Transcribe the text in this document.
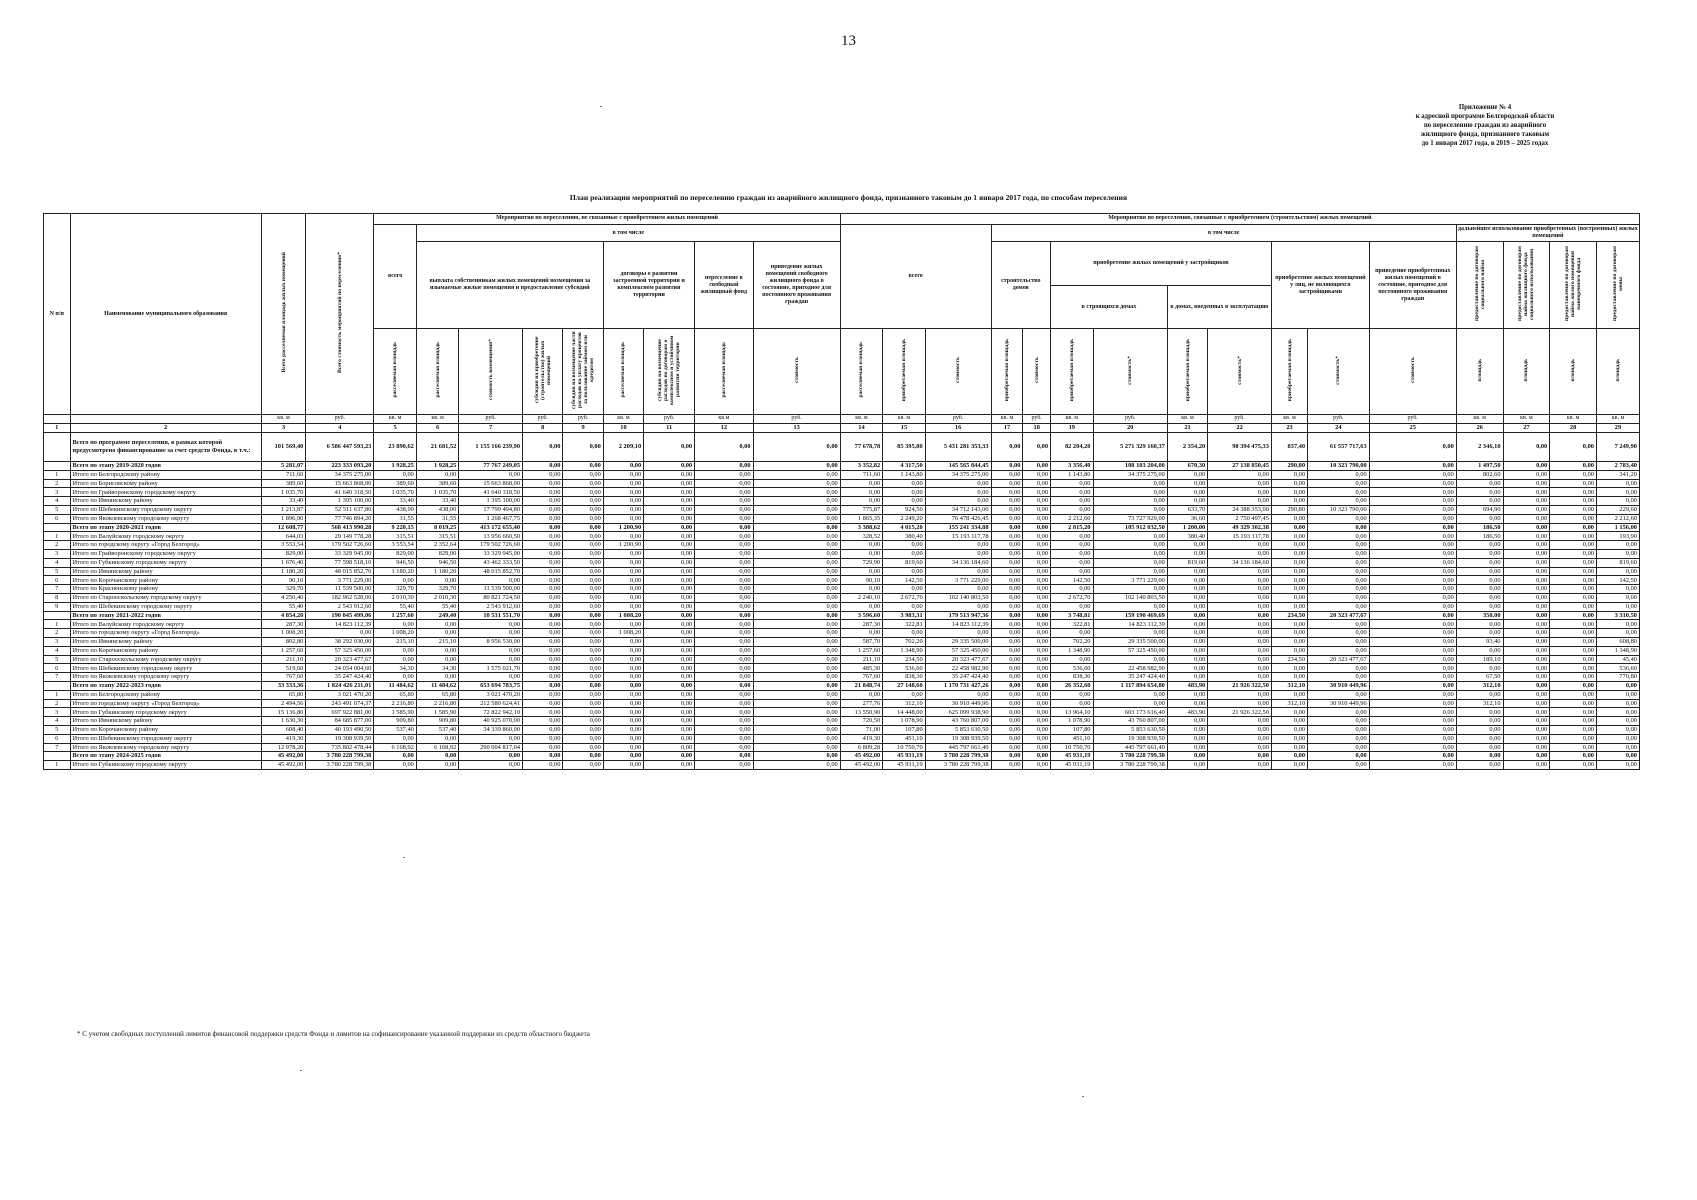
13
Приложение № 4
к адресной программе Белгородской области
по переселению граждан из аварийного
жилищного фонда, признанного таковым
до 1 января 2017 года, в 2019 – 2025 годах
План реализации мероприятий по переселению граждан из аварийного жилищного фонда, признанного таковым до 1 января 2017 года, по способам переселения
N п/п	Наименование муниципального образования	Всего расселяемая площадь жилых помещений	Всего стоимость мероприятий по переселению*	Мероприятия по переселению, не связанные с приобретением жилых помещений									Мероприятия по переселению, связанные с приобретением (строительством) жилых помещений															
				всего	в том числе								всего			в том числе									дальнейшее использование приобретенных (построенных) жилых помещений			
					выплата собственникам жилых помещений возмещения за изымаемые жилые помещения и предоставление субсидий				договоры о развитии застроенной территории и комплексном развитии территории		переселение в свободный жилищный фонд	приведение жилых помещений свободного жилищного фонда в состояние, пригодное для постоянного проживания граждан				строительство домов		приобретение жилых помещений у застройщиков				приобретение жилых помещений у лиц, не являющихся застройщиками		приведение приобретенных жилых помещений в состояние, пригодное для постоянного проживания граждан	предоставление по договорам социального найма	предоставление по договорам найма жилищного фонда социального использования	предоставление по договорам найма жилого помещения маневренного фонда	предоставление по договорам мены
																		в строящихся домах		в домах, введенных в эксплуатацию								
				расселяемая площадь	расселяемая площадь	стоимость возмещения*	субсидия на приобретение (строительство) жилых помещений	субсидия на возмещение части расходов на уплату процентов за пользование займом или кредитом	расселяемая площадь	субсидия на возмещение расходов по договорам о комплексном и устойчивом развитии территории	расселяемая площадь	стоимость	расселяемая площадь	приобретаемая площадь	стоимость	приобретаемая площадь	стоимость	приобретаемая площадь	стоимость*	приобретаемая площадь	стоимость*	приобретаемая площадь	стоимость*	стоимость	площадь	площадь	площадь	площадь
		кв. м	руб.	кв. м	кв. м	руб.	руб.	руб.	кв. м	руб.	кв.м	руб.	кв. м	кв. м	руб.	кв. м	руб.	кв. м	руб.	кв. м	руб.	кв. м	руб.	руб.	кв. м	кв. м	кв. м	кв. м
1	2	3	4	5	6	7	8	9	10	11	12	13	14	15	16	17	18	19	20	21	22	23	24	25	26	27	28	29
	Всего по программе переселения, в рамках которой предусмотрено финансирование за счет средств Фонда, в т.ч.:	101 569,40	6 586 447 593,23	23 890,62	21 681,52	1 155 166 239,90	0,00	0,00	2 209,10	0,00	0,00	0,00	77 678,78	85 395,80	5 431 281 353,33	0,00	0,00	82 204,20	5 271 329 160,37	2 354,20	98 394 475,33	837,40	61 557 717,63	0,00	2 346,10	0,00	0,00	7 249,90
	Всего по этапу 2019-2020 годов	5 281,07	223 333 093,20	1 928,25	1 928,25	77 767 249,05	0,00	0,00	0,00	0,00	0,00	0,00	3 352,82	4 317,50	145 565 844,45	0,00	0,00	3 356,40	108 103 204,00	670,30	27 138 850,45	290,80	10 323 790,00	0,00	1 497,50	0,00	0,00	2 783,40
1	Итого по Белгородскому району	711,60	34 375 275,00	0,00	0,00	0,00	0,00	0,00	0,00	0,00	0,00	0,00	711,60	1 143,80	34 375 275,00	0,00	0,00	1 143,80	34 375 275,00	0,00	0,00	0,00	0,00	0,00	802,60	0,00	0,00	341,20
2	Итого по Борисовскому району	389,60	15 663 868,00	389,60	389,60	15 663 868,00	0,00	0,00	0,00	0,00	0,00	0,00	0,00	0,00	0,00	0,00	0,00	0,00	0,00	0,00	0,00	0,00	0,00	0,00	0,00	0,00	0,00	0,00
3	Итого по Грайворонскому городскому округу	1 035,70	41 640 318,50	1 035,70	1 035,70	41 640 318,50	0,00	0,00	0,00	0,00	0,00	0,00	0,00	0,00	0,00	0,00	0,00	0,00	0,00	0,00	0,00	0,00	0,00	0,00	0,00	0,00	0,00	0,00
4	Итого по Ивнянскому району	33,40	1 395 100,00	33,40	33,40	1 395 100,00	0,00	0,00	0,00	0,00	0,00	0,00	0,00	0,00	0,00	0,00	0,00	0,00	0,00	0,00	0,00	0,00	0,00	0,00	0,00	0,00	0,00	0,00
5	Итого по Шебекинскому городскому округу	1 213,87	52 511 637,80	438,00	438,00	17 799 494,80	0,00	0,00	0,00	0,00	0,00	0,00	775,87	924,50	34 712 143,00	0,00	0,00	0,00	0,00	633,70	24 388 353,00	290,80	10 323 790,00	0,00	694,90	0,00	0,00	229,60
6	Итого по Яковлевскому городскому округу	1 896,90	77 746 894,20	31,55	31,55	1 268 467,75	0,00	0,00	0,00	0,00	0,00	0,00	1 865,35	2 249,20	76 478 426,45	0,00	0,00	2 212,60	73 727 929,00	36,60	2 750 497,45	0,00	0,00	0,00	0,00	0,00	0,00	2 212,60
	Всего по этапу 2020-2021 годов	12 608,77	568 413 990,28	9 220,15	8 019,25	413 172 655,40	0,00	0,00	1 200,90	0,00	0,00	0,00	3 388,62	4 015,20	155 241 334,88	0,00	0,00	2 815,20	105 912 032,50	1 200,00	49 329 302,38	0,00	0,00	0,00	186,50	0,00	0,00	1 156,00
1	Итого по Валуйскому городскому округу	644,03	29 149 778,28	315,51	315,51	13 956 660,50	0,00	0,00	0,00	0,00	0,00	0,00	328,52	380,40	15 193 117,78	0,00	0,00	0,00	0,00	380,40	15 193 117,78	0,00	0,00	0,00	186,50	0,00	0,00	193,90
2	Итого по городскому округу «Город Белгород»	3 553,54	179 502 726,60	3 553,54	2 352,64	179 502 726,60	0,00	0,00	1 200,90	0,00	0,00	0,00	0,00	0,00	0,00	0,00	0,00	0,00	0,00	0,00	0,00	0,00	0,00	0,00	0,00	0,00	0,00	0,00
3	Итого по Грайворонскому городскому округу	829,00	33 329 945,00	829,00	829,00	33 329 945,00	0,00	0,00	0,00	0,00	0,00	0,00	0,00	0,00	0,00	0,00	0,00	0,00	0,00	0,00	0,00	0,00	0,00	0,00	0,00	0,00	0,00	0,00
4	Итого по Губкинскому городскому округу	1 676,40	77 598 518,10	946,50	946,50	43 462 333,50	0,00	0,00	0,00	0,00	0,00	0,00	729,90	819,60	34 136 184,60	0,00	0,00	0,00	0,00	819,60	34 136 184,60	0,00	0,00	0,00	0,00	0,00	0,00	819,60
5	Итого по Ивнянскому району	1 180,20	48 015 852,70	1 180,20	1 180,20	48 015 852,70	0,00	0,00	0,00	0,00	0,00	0,00	0,00	0,00	0,00	0,00	0,00	0,00	0,00	0,00	0,00	0,00	0,00	0,00	0,00	0,00	0,00	0,00
6	Итого по Корочанскому району	90,10	3 771 229,00	0,00	0,00	0,00	0,00	0,00	0,00	0,00	0,00	0,00	90,10	142,50	3 771 229,00	0,00	0,00	142,50	3 771 229,00	0,00	0,00	0,00	0,00	0,00	0,00	0,00	0,00	142,50
7	Итого по Красненскому району	329,70	11 539 500,00	329,70	329,70	11 539 500,00	0,00	0,00	0,00	0,00	0,00	0,00	0,00	0,00	0,00	0,00	0,00	0,00	0,00	0,00	0,00	0,00	0,00	0,00	0,00	0,00	0,00	0,00
8	Итого по Старооскольскому городскому округу	4 250,40	182 962 528,00	2 010,30	2 010,30	80 821 724,50	0,00	0,00	0,00	0,00	0,00	0,00	2 240,10	2 672,70	102 140 803,50	0,00	0,00	2 672,70	102 140 803,50	0,00	0,00	0,00	0,00	0,00	0,00	0,00	0,00	0,00
9	Итого по Шебекинскому городскому округу	55,40	2 543 912,60	55,40	55,40	2 543 912,60	0,00	0,00	0,00	0,00	0,00	0,00	0,00	0,00	0,00	0,00	0,00	0,00	0,00	0,00	0,00	0,00	0,00	0,00	0,00	0,00	0,00	0,00
	Всего по этапу 2021-2022 годов	4 854,20	190 045 499,06	1 257,60	249,40	10 531 551,70	0,00	0,00	1 008,20	0,00	0,00	0,00	3 596,60	3 983,31	179 513 947,36	0,00	0,00	3 748,81	159 190 469,69	0,00	0,00	234,50	20 323 477,67	0,00	350,00	0,00	0,00	3 310,50
1	Итого по Валуйскому городскому округу	287,30	14 823 112,39	0,00	0,00	0,00	0,00	0,00	0,00	0,00	0,00	0,00	287,30	322,81	14 823 112,39	0,00	0,00	322,81	14 823 112,39	0,00	0,00	0,00	0,00	0,00	0,00	0,00	0,00	0,00
2	Итого по городскому округу «Город Белгород»	1 008,20	0,00	1 008,20	0,00	0,00	0,00	0,00	1 008,20	0,00	0,00	0,00	0,00	0,00	0,00	0,00	0,00	0,00	0,00	0,00	0,00	0,00	0,00	0,00	0,00	0,00	0,00	0,00
3	Итого по Ивнянскому району	802,80	38 292 030,00	215,10	215,10	8 956 530,00	0,00	0,00	0,00	0,00	0,00	0,00	587,70	702,20	29 335 500,00	0,00	0,00	702,20	29 335 500,00	0,00	0,00	0,00	0,00	0,00	93,40	0,00	0,00	608,80
4	Итого по Корочанскому району	1 257,60	57 325 450,00	0,00	0,00	0,00	0,00	0,00	0,00	0,00	0,00	0,00	1 257,60	1 348,90	57 325 450,00	0,00	0,00	1 348,90	57 325 450,00	0,00	0,00	0,00	0,00	0,00	0,00	0,00	0,00	1 348,90
5	Итого по Старооскольскому городскому округу	211,10	20 323 477,67	0,00	0,00	0,00	0,00	0,00	0,00	0,00	0,00	0,00	211,10	234,50	20 323 477,67	0,00	0,00	0,00	0,00	0,00	0,00	234,50	20 323 477,67	0,00	189,10	0,00	0,00	45,40
6	Итого по Шебекинскому городскому округу	519,60	24 034 004,60	34,30	34,30	1 575 021,70	0,00	0,00	0,00	0,00	0,00	0,00	485,30	536,60	22 458 982,90	0,00	0,00	536,60	22 458 982,90	0,00	0,00	0,00	0,00	0,00	0,00	0,00	0,00	536,60
7	Итого по Яковлевскому городскому округу	767,60	35 247 424,40	0,00	0,00	0,00	0,00	0,00	0,00	0,00	0,00	0,00	767,60	838,30	35 247 424,40	0,00	0,00	838,30	35 247 424,40	0,00	0,00	0,00	0,00	0,00	67,50	0,00	0,00	770,80
	Всего по этапу 2022-2023 годов	33 333,36	1 824 426 211,01	11 484,62	11 484,62	653 694 783,75	0,00	0,00	0,00	0,00	0,00	0,00	21 848,74	27 148,60	1 170 731 427,26	0,00	0,00	26 352,60	1 117 894 654,80	483,90	21 926 322,50	312,10	30 910 449,96	0,00	312,10	0,00	0,00	0,00
1	Итого по Белгородскому району	65,80	3 021 470,20	65,80	65,80	3 021 470,20	0,00	0,00	0,00	0,00	0,00	0,00	0,00	0,00	0,00	0,00	0,00	0,00	0,00	0,00	0,00	0,00	0,00	0,00	0,00	0,00	0,00	0,00
2	Итого по городскому округу «Город Белгород»	2 494,56	243 491 074,37	2 216,80	2 216,80	212 580 624,41	0,00	0,00	0,00	0,00	0,00	0,00	277,76	312,10	30 910 449,96	0,00	0,00	0,00	0,00	0,00	0,00	312,10	30 910 449,96	0,00	312,10	0,00	0,00	0,00
3	Итого по Губкинскому городскому округу	15 136,80	697 922 881,00	1 585,90	1 585,90	72 822 942,10	0,00	0,00	0,00	0,00	0,00	0,00	13 550,90	14 448,00	625 099 938,90	0,00	0,00	13 964,10	603 173 616,40	483,90	21 926 322,50	0,00	0,00	0,00	0,00	0,00	0,00	0,00
4	Итого по Ивнянскому району	1 630,30	84 685 877,00	909,80	909,80	40 925 070,00	0,00	0,00	0,00	0,00	0,00	0,00	720,50	1 078,90	43 760 807,00	0,00	0,00	1 078,90	43 760 807,00	0,00	0,00	0,00	0,00	0,00	0,00	0,00	0,00	0,00
5	Итого по Корочанскому району	608,40	40 193 490,50	537,40	537,40	34 339 860,00	0,00	0,00	0,00	0,00	0,00	0,00	71,00	107,80	5 853 630,50	0,00	0,00	107,80	5 853 630,50	0,00	0,00	0,00	0,00	0,00	0,00	0,00	0,00	0,00
6	Итого по Шебекинскому городскому округу	419,30	19 308 939,50	0,00	0,00	0,00	0,00	0,00	0,00	0,00	0,00	0,00	419,30	451,10	19 308 939,50	0,00	0,00	451,10	19 308 939,50	0,00	0,00	0,00	0,00	0,00	0,00	0,00	0,00	0,00
7	Итого по Яковлевскому городскому округу	12 978,20	735 802 478,44	6 168,92	6 168,92	290 004 817,04	0,00	0,00	0,00	0,00	0,00	0,00	6 809,28	10 750,70	445 797 661,40	0,00	0,00	10 750,70	445 797 661,40	0,00	0,00	0,00	0,00	0,00	0,00	0,00	0,00	0,00
	Всего по этапу 2024-2025 годов	45 492,00	3 780 228 799,38	0,00	0,00	0,00	0,00	0,00	0,00	0,00	0,00	0,00	45 492,00	45 931,19	3 780 228 799,38	0,00	0,00	45 931,19	3 780 228 799,38	0,00	0,00	0,00	0,00	0,00	0,00	0,00	0,00	0,00
1	Итого по Губкинскому городскому округу	45 492,00	3 780 228 799,38	0,00	0,00	0,00	0,00	0,00	0,00	0,00	0,00	0,00	45 492,00	45 931,19	3 780 228 799,38	0,00	0,00	45 931,19	3 780 228 799,38	0,00	0,00	0,00	0,00	0,00	0,00	0,00	0,00	0,00
* С учетом свободных поступлений лимитов финансовой поддержки средств Фонда и лимитов на софинансирование указанной поддержки из средств областного бюджета
